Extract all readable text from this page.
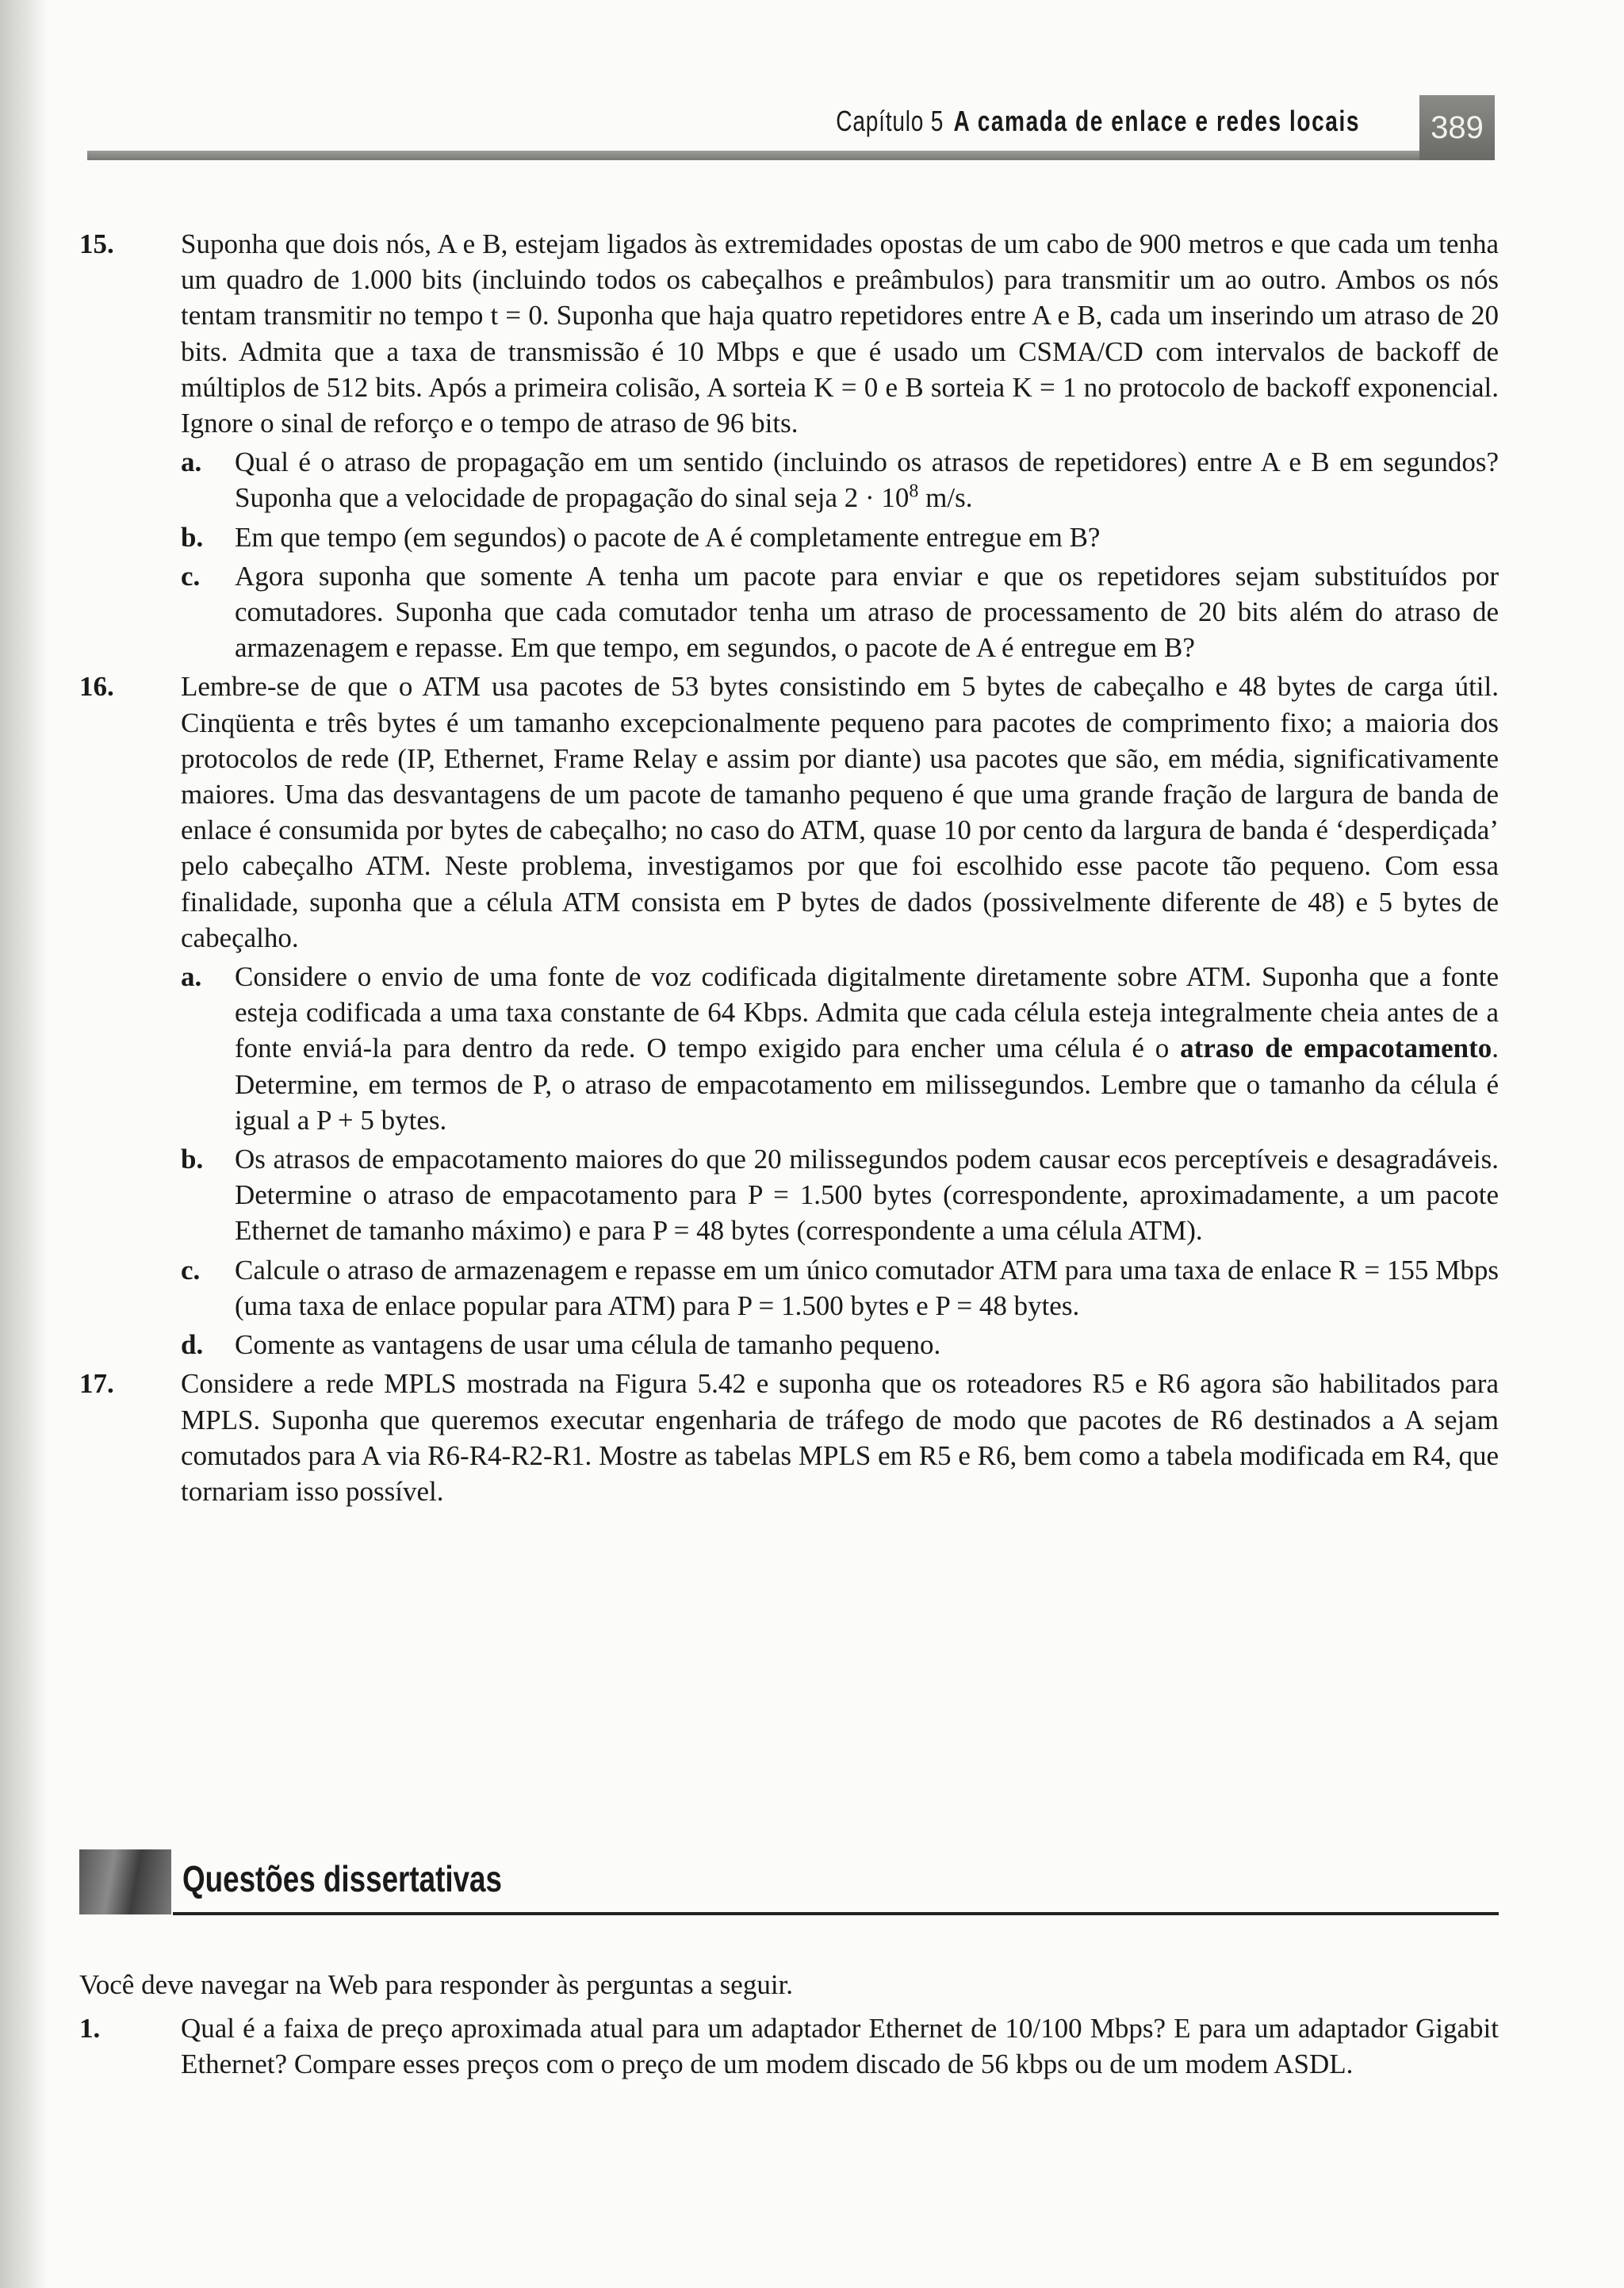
Capítulo 5 A camada de enlace e redes locais	389
15.	Suponha que dois nós, A e B, estejam ligados às extremidades opostas de um cabo de 900 metros e que cada um tenha um quadro de 1.000 bits (incluindo todos os cabeçalhos e preâmbulos) para transmitir um ao outro. Ambos os nós tentam transmitir no tempo t = 0. Suponha que haja quatro repetidores entre A e B, cada um inserindo um atraso de 20 bits. Admita que a taxa de transmissão é 10 Mbps e que é usado um CSMA/CD com intervalos de backoff de múltiplos de 512 bits. Após a primeira colisão, A sorteia K = 0 e B sorteia K = 1 no protocolo de backoff exponencial. Ignore o sinal de reforço e o tempo de atraso de 96 bits.
a. Qual é o atraso de propagação em um sentido (incluindo os atrasos de repetidores) entre A e B em segundos? Suponha que a velocidade de propagação do sinal seja $2 \cdot 10^8$ m/s.
b. Em que tempo (em segundos) o pacote de A é completamente entregue em B?
c. Agora suponha que somente A tenha um pacote para enviar e que os repetidores sejam substituídos por comutadores. Suponha que cada comutador tenha um atraso de processamento de 20 bits além do atraso de armazenagem e repasse. Em que tempo, em segundos, o pacote de A é entregue em B?
16.	Lembre-se de que o ATM usa pacotes de 53 bytes consistindo em 5 bytes de cabeçalho e 48 bytes de carga útil. Cinqüenta e três bytes é um tamanho excepcionalmente pequeno para pacotes de comprimento fixo; a maioria dos protocolos de rede (IP, Ethernet, Frame Relay e assim por diante) usa pacotes que são, em média, significativamente maiores. Uma das desvantagens de um pacote de tamanho pequeno é que uma grande fração de largura de banda de enlace é consumida por bytes de cabeçalho; no caso do ATM, quase 10 por cento da largura de banda é ‘desperdiçada’ pelo cabeçalho ATM. Neste problema, investigamos por que foi escolhido esse pacote tão pequeno. Com essa finalidade, suponha que a célula ATM consista em P bytes de dados (possivelmente diferente de 48) e 5 bytes de cabeçalho.
a. Considere o envio de uma fonte de voz codificada digitalmente diretamente sobre ATM. Suponha que a fonte esteja codificada a uma taxa constante de 64 Kbps. Admita que cada célula esteja integralmente cheia antes de a fonte enviá-la para dentro da rede. O tempo exigido para encher uma célula é o atraso de empacotamento. Determine, em termos de P, o atraso de empacotamento em milissegundos. Lembre que o tamanho da célula é igual a P + 5 bytes.
b. Os atrasos de empacotamento maiores do que 20 milissegundos podem causar ecos perceptíveis e desagradáveis. Determine o atraso de empacotamento para P = 1.500 bytes (correspondente, aproximadamente, a um pacote Ethernet de tamanho máximo) e para P = 48 bytes (correspondente a uma célula ATM).
c. Calcule o atraso de armazenagem e repasse em um único comutador ATM para uma taxa de enlace R = 155 Mbps (uma taxa de enlace popular para ATM) para P = 1.500 bytes e P = 48 bytes.
d. Comente as vantagens de usar uma célula de tamanho pequeno.
17.	Considere a rede MPLS mostrada na Figura 5.42 e suponha que os roteadores R5 e R6 agora são habilitados para MPLS. Suponha que queremos executar engenharia de tráfego de modo que pacotes de R6 destinados a A sejam comutados para A via R6-R4-R2-R1. Mostre as tabelas MPLS em R5 e R6, bem como a tabela modificada em R4, que tornariam isso possível.
Questões dissertativas
Você deve navegar na Web para responder às perguntas a seguir.
1.	Qual é a faixa de preço aproximada atual para um adaptador Ethernet de 10/100 Mbps? E para um adaptador Gigabit Ethernet? Compare esses preços com o preço de um modem discado de 56 kbps ou de um modem ASDL.
